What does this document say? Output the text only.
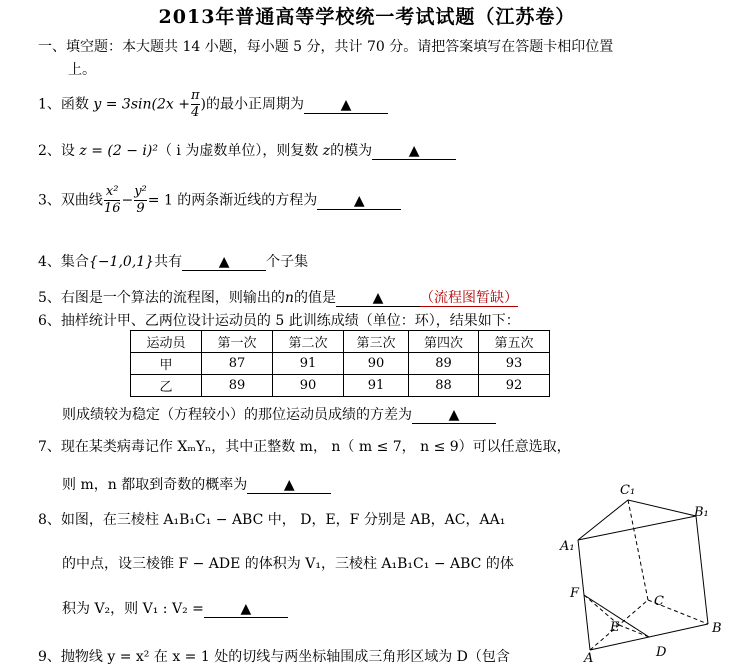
2013年普通高等学校统一考试试题（江苏卷）
一、填空题：本大题共 14 小题，每小题 5 分，共计 70 分。请把答案填写在答题卡相印位置
上。
1、函数 $y = 3\sin(2x + \frac{\pi}{4}$ )的最小正周期为	▲
2、设 z = (2 − i)²（ i 为虚数单位），则复数 z的模为	▲
3、双曲线 $\frac{\text{x²}}{16} - \frac{\text{y²}}{9} = 1$ 的两条渐近线的方程为	▲
4、集合{−1,0,1}共有	▲	个子集
5、右图是一个算法的流程图，则输出的n的值是	▲	（流程图暂缺）
6、抽样统计甲、乙两位设计运动员的 5 此训练成绩（单位：环），结果如下：
运动员	第一次	第二次	第三次	第四次	第五次
甲	87	91	90	89	93
乙	89	90	91	88	92
则成绩较为稳定（方程较小）的那位运动员成绩的方差为	▲
7、现在某类病毒记作 XₘYₙ，其中正整数 m， n（ m ≤ 7， n ≤ 9）可以任意选取，
则 m，n 都取到奇数的概率为	▲
8、如图，在三棱柱 A₁B₁C₁ − ABC 中， D，E，F 分别是 AB，AC，AA₁
的中点，设三棱锥 F − ADE 的体积为 V₁，三棱柱 A₁B₁C₁ − ABC 的体
积为 V₂，则 V₁ : V₂ =	▲
9、抛物线 y = x² 在 x = 1 处的切线与两坐标轴围成三角形区域为 D（包含
C₁
B₁
A₁
F
C
E	B
A	D
